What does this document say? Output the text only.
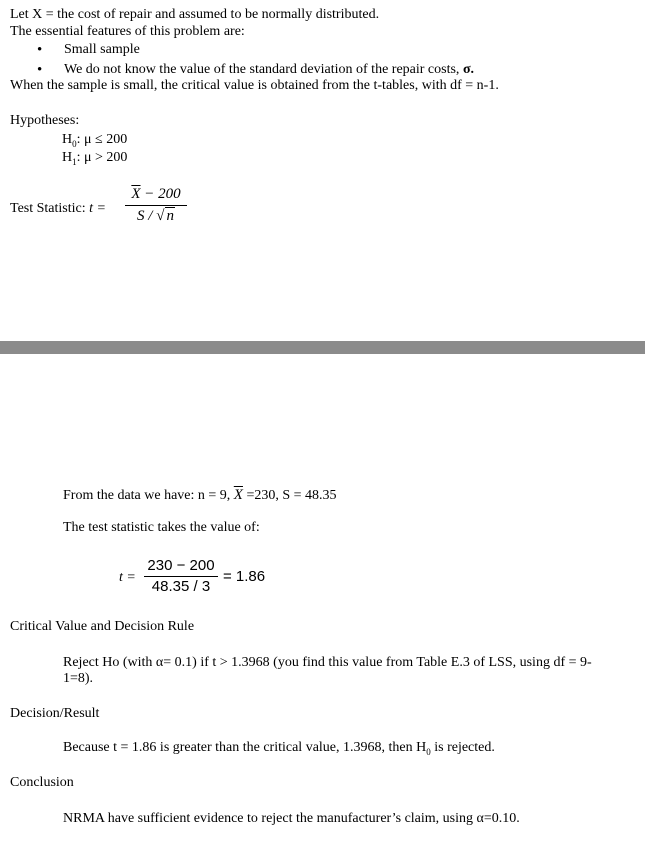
Let X = the cost of repair and assumed to be normally distributed.
The essential features of this problem are:
• Small sample
• We do not know the value of the standard deviation of the repair costs, σ.
When the sample is small, the critical value is obtained from the t-tables, with df = n-1.
Hypotheses:
$H_0$: μ ≤ 200
$H_1$: μ > 200
Test Statistic: t =
$\overline{X} - 200$
S / √ n
From the data we have: n = 9, $\overline{X} =230$, S = 48.35
The test statistic takes the value of:
t =
230 − 200
48.35 / 3
= 1.86
Critical Value and Decision Rule
Reject Ho (with α= 0.1) if t > 1.3968 (you find this value from Table E.3 of LSS, using df = 9-
1=8).
Decision/Result
Because t = 1.86 is greater than the critical value, 1.3968, then $H_0$ is rejected.
Conclusion
NRMA have sufficient evidence to reject the manufacturer’s claim, using α=0.10.
